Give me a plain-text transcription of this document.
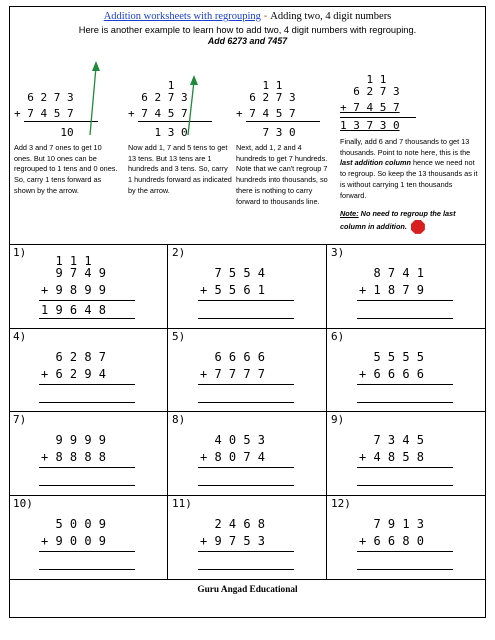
Addition worksheets with regrouping - Adding two, 4 digit numbers
Here is another example to learn how to add two, 4 digit numbers with regrouping.
Add 6273 and 7457
6 2 7 3
+ 7 4 5 7
10
Add 3 and 7 ones to get 10 ones. But 10 ones can be regrouped to 1 tens and 0 ones. So, carry 1 tens forward as shown by the arrow.
1
6 2 7 3
+ 7 4 5 7
1 3 0
Now add 1, 7 and 5 tens to get 13 tens. But 13 tens are 1 hundreds and 3 tens. So, carry 1 hundreds forward as indicated by the arrow.
1 1
6 2 7 3
+ 7 4 5 7
7 3 0
Next, add 1, 2 and 4 hundreds to get 7 hundreds. Note that we can't regroup 7 hundreds into thousands, so there is nothing to carry forward to thousands line.
1 1
6 2 7 3
+ 7 4 5 7
1 3 7 3 0
Finally, add 6 and 7 thousands to get 13 thousands. Point to note here, this is the last addition column hence we need not to regroup. So keep the 13 thousands as it is without carrying 1 ten thousands forward.
Note: No need to regroup the last column in addition.
1)
1 1 1
9 7 4 9
+ 9 8 9 9
1 9 6 4 8
2)
7 5 5 4
+ 5 5 6 1
3)
8 7 4 1
+ 1 8 7 9
4)
6 2 8 7
+ 6 2 9 4
5)
6 6 6 6
+ 7 7 7 7
6)
5 5 5 5
+ 6 6 6 6
7)
9 9 9 9
+ 8 8 8 8
8)
4 0 5 3
+ 8 0 7 4
9)
7 3 4 5
+ 4 8 5 8
10)
5 0 0 9
+ 9 0 0 9
11)
2 4 6 8
+ 9 7 5 3
12)
7 9 1 3
+ 6 6 8 0
Guru Angad Educational
